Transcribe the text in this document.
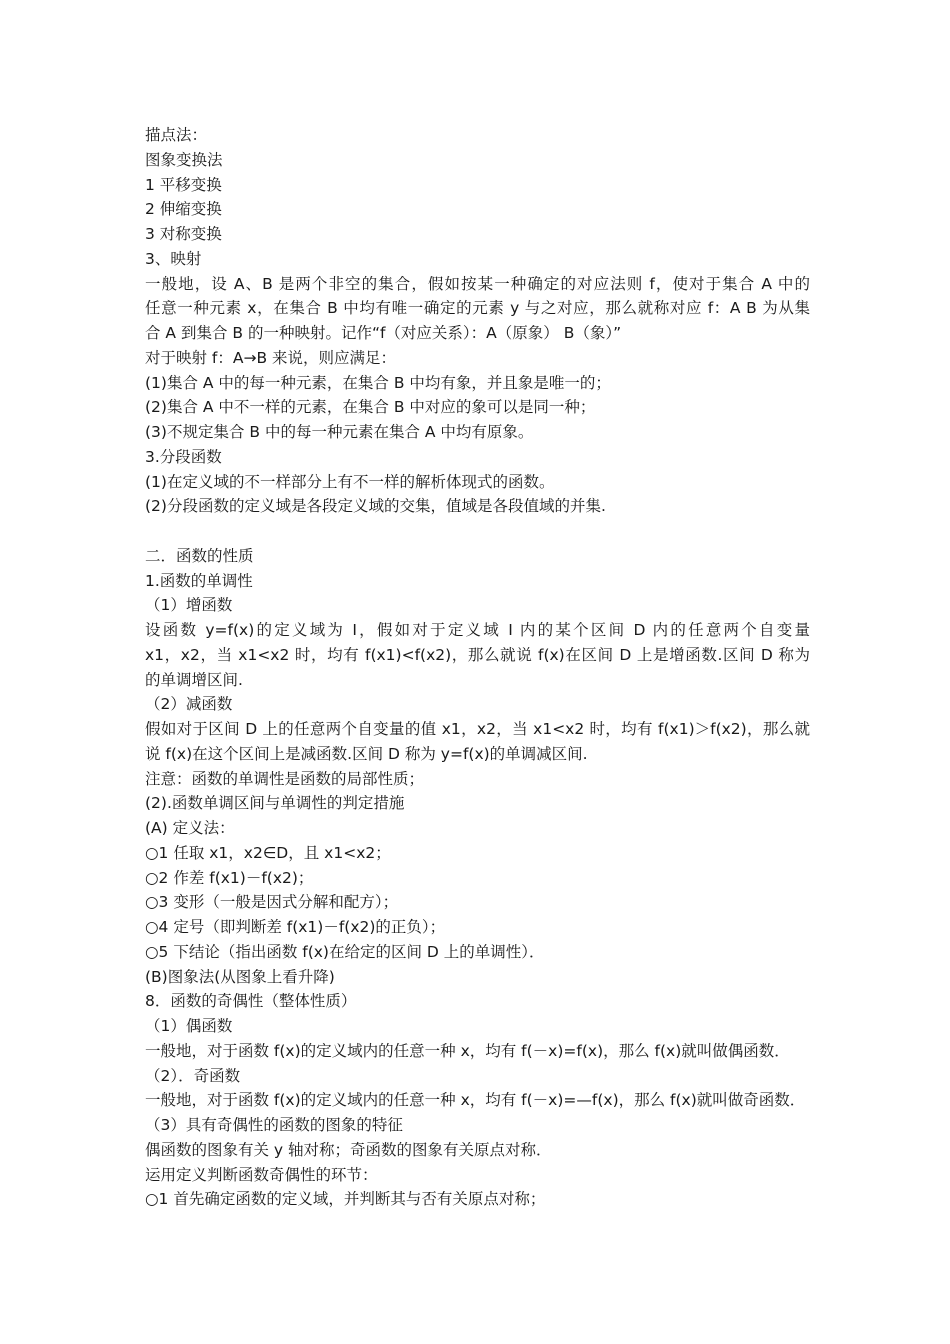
描点法：
图象变换法
1 平移变换
2 伸缩变换
3 对称变换
3、映射
一般地，设 A、B 是两个非空的集合，假如按某一种确定的对应法则 f，使对于集合 A 中的
任意一种元素 x，在集合 B 中均有唯一确定的元素 y 与之对应，那么就称对应 f：A B 为从集
合 A 到集合 B 的一种映射。记作“f（对应关系）：A（原象） B（象）”
对于映射 f：A→B 来说，则应满足：
(1)集合 A 中的每一种元素，在集合 B 中均有象，并且象是唯一的；
(2)集合 A 中不一样的元素，在集合 B 中对应的象可以是同一种；
(3)不规定集合 B 中的每一种元素在集合 A 中均有原象。
3.分段函数
(1)在定义域的不一样部分上有不一样的解析体现式的函数。
(2)分段函数的定义域是各段定义域的交集，值域是各段值域的并集.
二．函数的性质
1.函数的单调性
（1）增函数
设函数 y=f(x)的定义域为 I，假如对于定义域 I 内的某个区间 D 内的任意两个自变量
x1，x2，当 x1<x2 时，均有 f(x1)<f(x2)，那么就说 f(x)在区间 D 上是增函数.区间 D 称为
的单调增区间.
（2）减函数
假如对于区间 D 上的任意两个自变量的值 x1，x2，当 x1<x2 时，均有 f(x1)＞f(x2)，那么就
说 f(x)在这个区间上是减函数.区间 D 称为 y=f(x)的单调减区间.
注意：函数的单调性是函数的局部性质；
(2).函数单调区间与单调性的判定措施
(A) 定义法：
○1 任取 x1，x2∈D，且 x1<x2；
○2 作差 f(x1)－f(x2)；
○3 变形（一般是因式分解和配方）；
○4 定号（即判断差 f(x1)－f(x2)的正负）；
○5 下结论（指出函数 f(x)在给定的区间 D 上的单调性）．
(B)图象法(从图象上看升降)
8．函数的奇偶性（整体性质）
（1）偶函数
一般地，对于函数 f(x)的定义域内的任意一种 x，均有 f(－x)=f(x)，那么 f(x)就叫做偶函数．
（2）．奇函数
一般地，对于函数 f(x)的定义域内的任意一种 x，均有 f(－x)=—f(x)，那么 f(x)就叫做奇函数．
（3）具有奇偶性的函数的图象的特征
偶函数的图象有关 y 轴对称；奇函数的图象有关原点对称．
运用定义判断函数奇偶性的环节：
○1 首先确定函数的定义域，并判断其与否有关原点对称；
